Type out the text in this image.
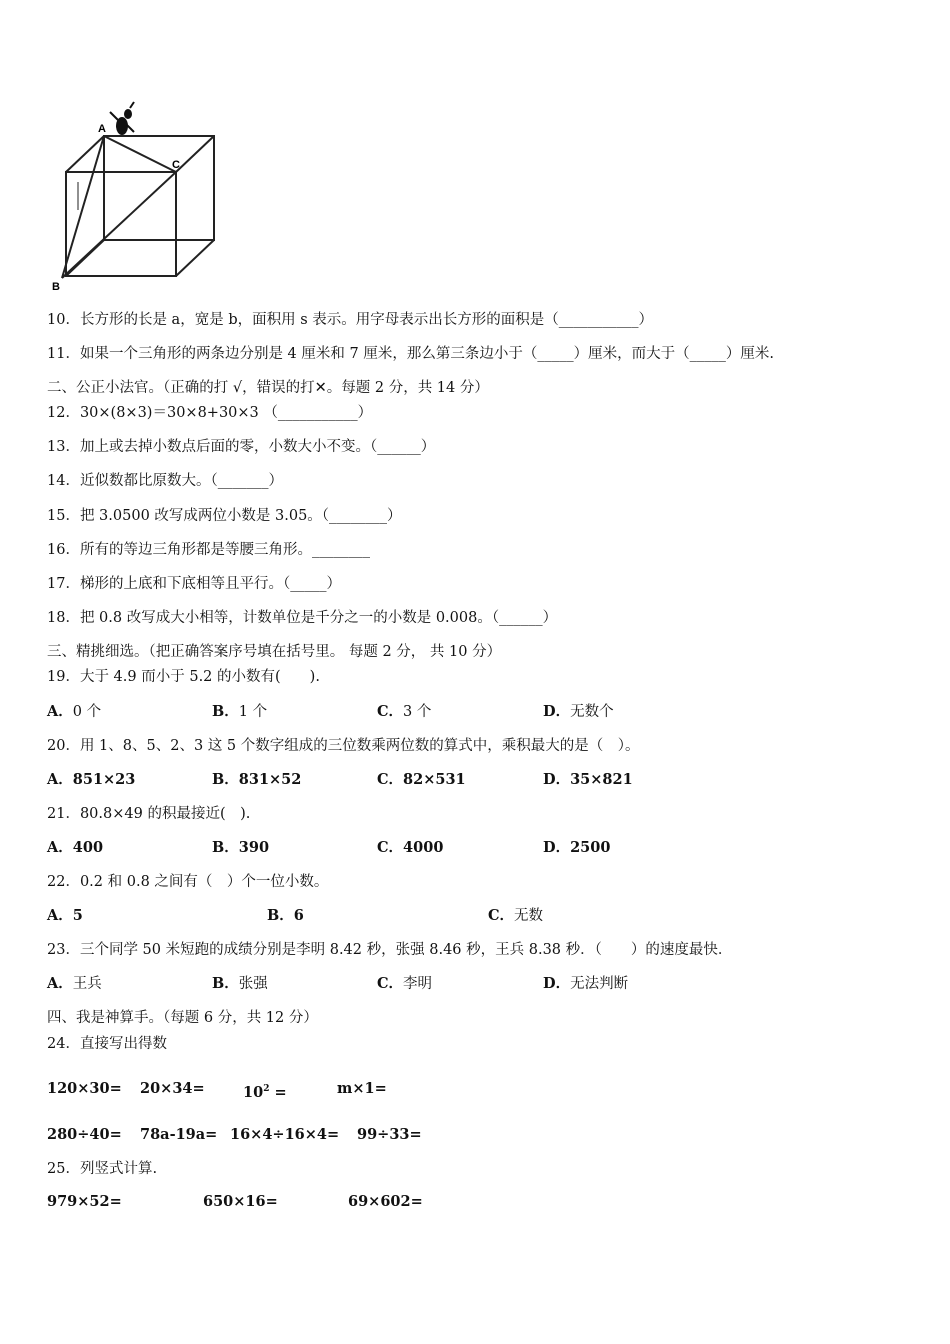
A
C
B
10．长方形的长是 a，宽是 b，面积用 s 表示。用字母表示出长方形的面积是（___________）
11．如果一个三角形的两条边分别是 4 厘米和 7 厘米，那么第三条边小于（_____）厘米，而大于（_____）厘米.
二、公正小法官。（正确的打 √，错误的打✕。每题 2 分，共 14 分）
12．30×(8×3)＝30×8+30×3 （___________）
13．加上或去掉小数点后面的零，小数大小不变。（______）
14．近似数都比原数大。（_______）
15．把 3.0500 改写成两位小数是 3.05。（________）
16．所有的等边三角形都是等腰三角形。________
17．梯形的上底和下底相等且平行。（_____）
18．把 0.8 改写成大小相等，计数单位是千分之一的小数是 0.008。（______）
三、精挑细选。（把正确答案序号填在括号里。 每题 2 分， 共 10 分）
19．大于 4.9 而小于 5.2 的小数有(　　).
A．0 个	B．1 个	C．3 个	D．无数个
20．用 1、8、5、2、3 这 5 个数字组成的三位数乘两位数的算式中，乘积最大的是（　）。
A．851×23	B．831×52	C．82×531	D．35×821
21．80.8×49 的积最接近(　).
A．400	B．390	C．4000	D．2500
22．0.2 和 0.8 之间有（　）个一位小数。
A．5	B．6	C．无数
23．三个同学 50 米短跑的成绩分别是李明 8.42 秒，张强 8.46 秒，王兵 8.38 秒．（　　）的速度最快．
A．王兵	B．张强	C．李明	D．无法判断
四、我是神算手。（每题 6 分，共 12 分）
24．直接写出得数
120×30= 20×34=	$10^2$ =	m×1=
280÷40= 78a-19a= 16×4÷16×4= 99÷33=
25．列竖式计算.
979×52=	650×16=	69×602=
